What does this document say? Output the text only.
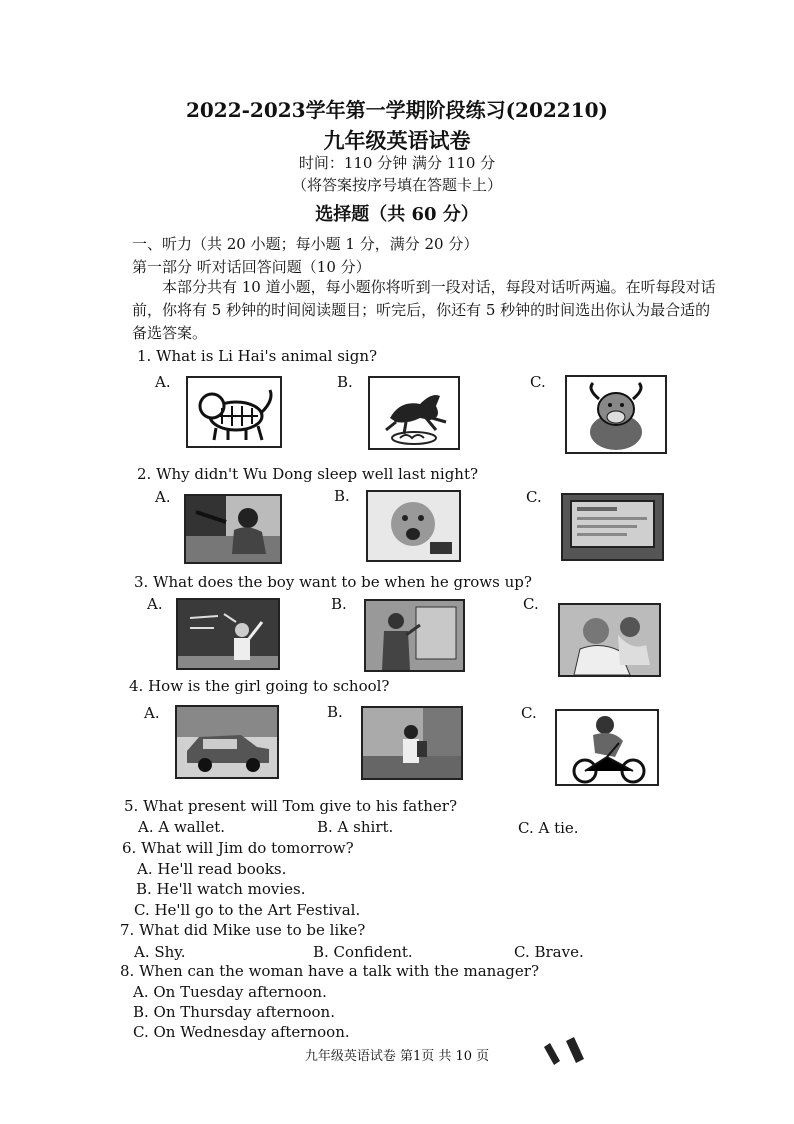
2022-2023学年第一学期阶段练习(202210)
九年级英语试卷
时间：110 分钟 满分 110 分
（将答案按序号填在答题卡上）
选择题（共 60 分）
一、听力（共 20 小题；每小题 1 分，满分 20 分）
第一部分 听对话回答问题（10 分）
本部分共有 10 道小题，每小题你将听到一段对话，每段对话听两遍。在听每段对话前，你将有 5 秒钟的时间阅读题目；听完后，你还有 5 秒钟的时间选出你认为最合适的备选答案。
1. What is Li Hai's animal sign?
A.	B.	C.
2. Why didn't Wu Dong sleep well last night?
A.	B.	C.
3. What does the boy want to be when he grows up?
A.	B.	C.
4. How is the girl going to school?
A.	B.	C.
5. What present will Tom give to his father?
A. A wallet.	B. A shirt.	C. A tie.
6. What will Jim do tomorrow?
A. He'll read books.
B. He'll watch movies.
C. He'll go to the Art Festival.
7. What did Mike use to be like?
A. Shy.	B. Confident.	C. Brave.
8. When can the woman have a talk with the manager?
A. On Tuesday afternoon.
B. On Thursday afternoon.
C. On Wednesday afternoon.
九年级英语试卷 第1页 共 10 页
